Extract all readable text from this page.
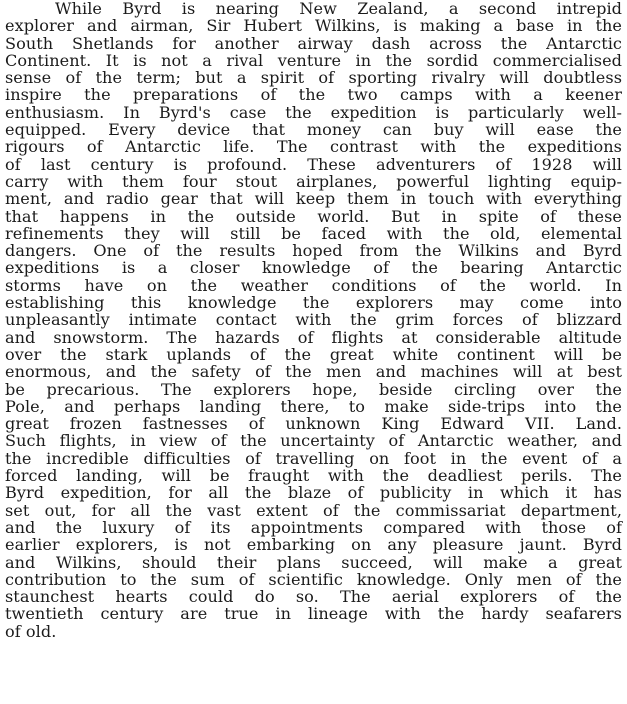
While Byrd is nearing New Zealand, a second intrepid
explorer and airman, Sir Hubert Wilkins, is making a base in the
South Shetlands for another airway dash across the Antarctic
Continent. It is not a rival venture in the sordid commercialised
sense of the term; but a spirit of sporting rivalry will doubtless
inspire the preparations of the two camps with a keener
enthusiasm. In Byrd's case the expedition is particularly well-
equipped. Every device that money can buy will ease the
rigours of Antarctic life. The contrast with the expeditions
of last century is profound. These adventurers of 1928 will
carry with them four stout airplanes, powerful lighting equip-
ment, and radio gear that will keep them in touch with everything
that happens in the outside world. But in spite of these
refinements they will still be faced with the old, elemental
dangers. One of the results hoped from the Wilkins and Byrd
expeditions is a closer knowledge of the bearing Antarctic
storms have on the weather conditions of the world. In
establishing this knowledge the explorers may come into
unpleasantly intimate contact with the grim forces of blizzard
and snowstorm. The hazards of flights at considerable altitude
over the stark uplands of the great white continent will be
enormous, and the safety of the men and machines will at best
be precarious. The explorers hope, beside circling over the
Pole, and perhaps landing there, to make side-trips into the
great frozen fastnesses of unknown King Edward VII. Land.
Such flights, in view of the uncertainty of Antarctic weather, and
the incredible difficulties of travelling on foot in the event of a
forced landing, will be fraught with the deadliest perils. The
Byrd expedition, for all the blaze of publicity in which it has
set out, for all the vast extent of the commissariat department,
and the luxury of its appointments compared with those of
earlier explorers, is not embarking on any pleasure jaunt. Byrd
and Wilkins, should their plans succeed, will make a great
contribution to the sum of scientific knowledge. Only men of the
staunchest hearts could do so. The aerial explorers of the
twentieth century are true in lineage with the hardy seafarers
of old.
